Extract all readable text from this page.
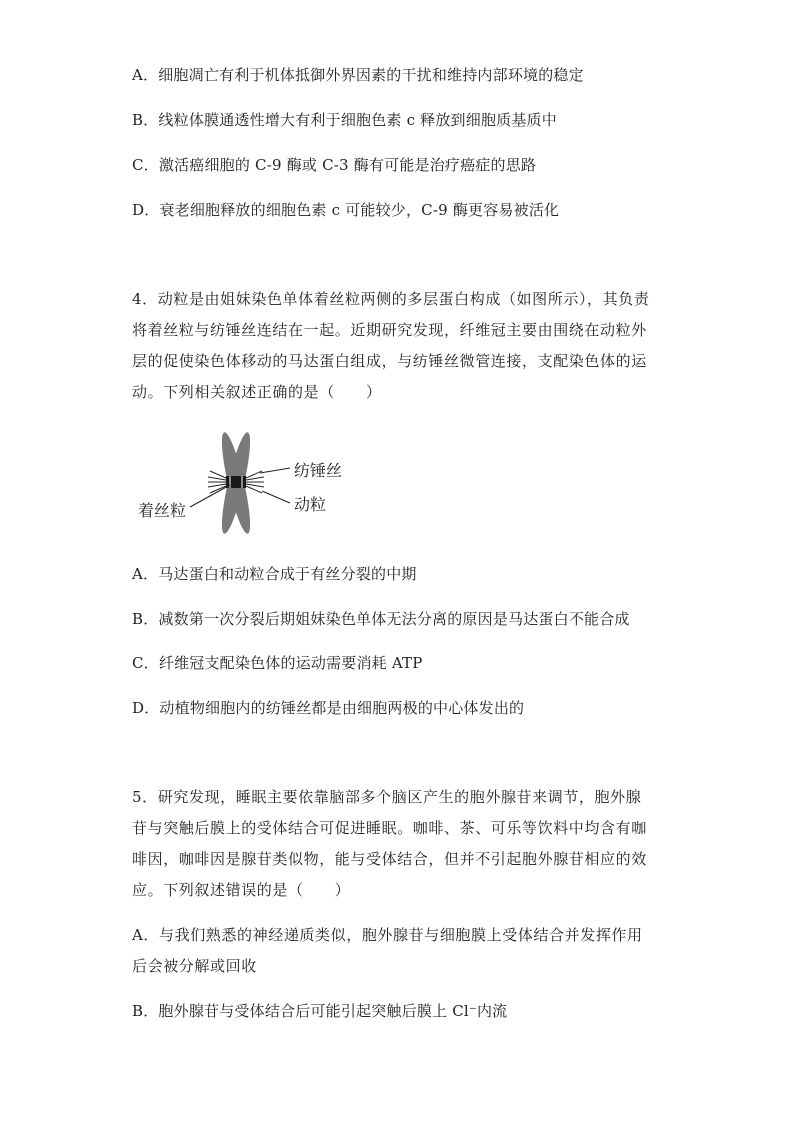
A．细胞凋亡有利于机体抵御外界因素的干扰和维持内部环境的稳定

B．线粒体膜通透性增大有利于细胞色素 c 释放到细胞质基质中

C．激活癌细胞的 C-9 酶或 C-3 酶有可能是治疗癌症的思路

D．衰老细胞释放的细胞色素 c 可能较少，C-9 酶更容易被活化

4．动粒是由姐妹染色单体着丝粒两侧的多层蛋白构成（如图所示），其负责

将着丝粒与纺锤丝连结在一起。近期研究发现，纤维冠主要由围绕在动粒外

层的促使染色体移动的马达蛋白组成，与纺锤丝微管连接，支配染色体的运

动。下列相关叙述正确的是（　　）

纺锤丝
动粒
着丝粒

A．马达蛋白和动粒合成于有丝分裂的中期

B．减数第一次分裂后期姐妹染色单体无法分离的原因是马达蛋白不能合成

C．纤维冠支配染色体的运动需要消耗 ATP

D．动植物细胞内的纺锤丝都是由细胞两极的中心体发出的

5．研究发现，睡眠主要依靠脑部多个脑区产生的胞外腺苷来调节，胞外腺

苷与突触后膜上的受体结合可促进睡眠。咖啡、茶、可乐等饮料中均含有咖

啡因，咖啡因是腺苷类似物，能与受体结合，但并不引起胞外腺苷相应的效

应。下列叙述错误的是（　　）

A．与我们熟悉的神经递质类似，胞外腺苷与细胞膜上受体结合并发挥作用

后会被分解或回收

B．胞外腺苷与受体结合后可能引起突触后膜上 Cl⁻内流
